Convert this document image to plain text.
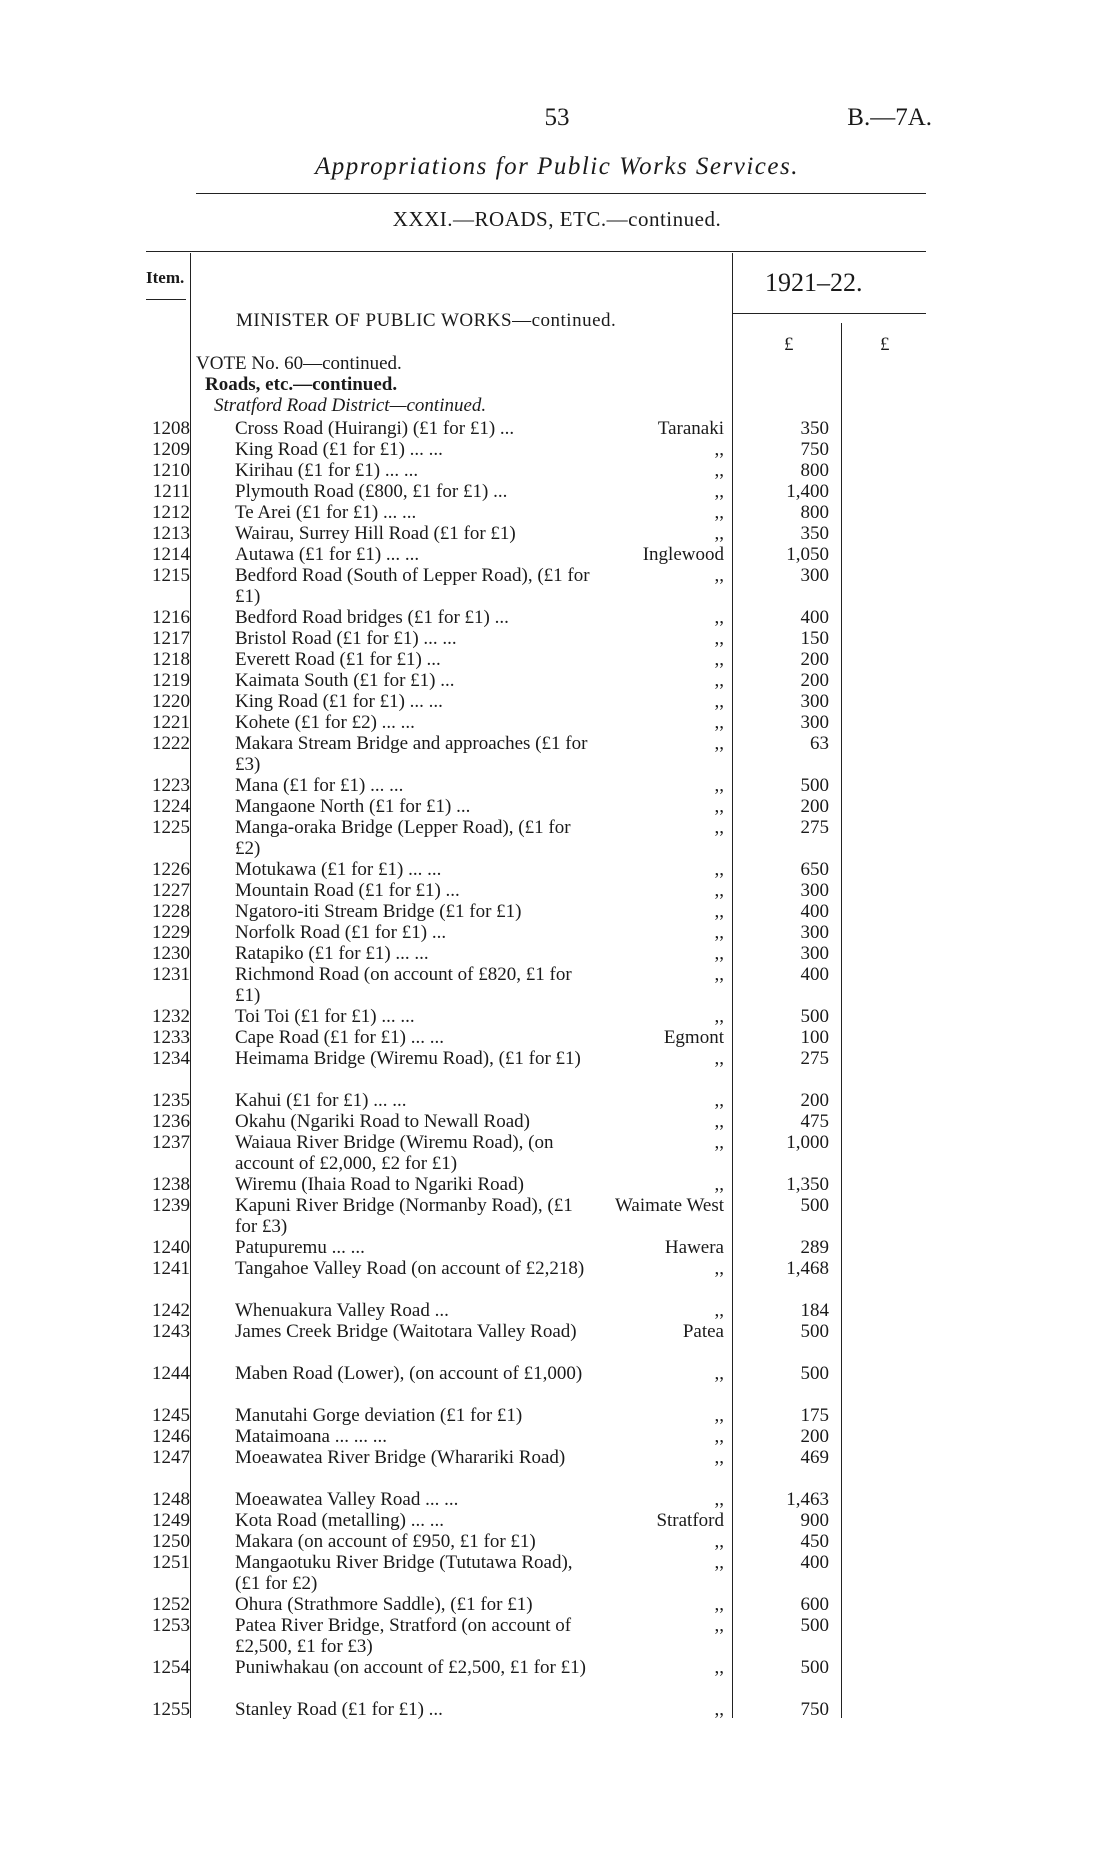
53	B.—7A.
Appropriations for Public Works Services.
XXXI.—ROADS, ETC.—continued.
Item.	1921–22.
MINISTER OF PUBLIC WORKS—continued.
£	£
VOTE No. 60—continued.
Roads, etc.—continued.
Stratford Road District—continued.
1208 Cross Road (Huirangi) (£1 for £1) ...	Taranaki	350
1209 King Road (£1 for £1) ... ...	,,	750
1210 Kirihau (£1 for £1) ... ...	,,	800
1211 Plymouth Road (£800, £1 for £1) ...	,,	1,400
1212 Te Arei (£1 for £1) ... ...	,,	800
1213 Wairau, Surrey Hill Road (£1 for £1)	,,	350
1214 Autawa (£1 for £1) ... ...	Inglewood	1,050
1215 Bedford Road (South of Lepper Road), (£1 for £1)
,,	300
1216 Bedford Road bridges (£1 for £1) ...	,,	400
1217 Bristol Road (£1 for £1) ... ...	,,	150
1218 Everett Road (£1 for £1) ...	,,	200
1219 Kaimata South (£1 for £1) ...	,,	200
1220 King Road (£1 for £1) ... ...	,,	300
1221 Kohete (£1 for £2) ... ...	,,	300
1222 Makara Stream Bridge and approaches (£1 for £3)
,,	63
1223 Mana (£1 for £1) ... ...	,,	500
1224 Mangaone North (£1 for £1) ...	,,	200
1225 Manga-oraka Bridge (Lepper Road), (£1 for £2)
,,	275
1226 Motukawa (£1 for £1) ... ...	,,	650
1227 Mountain Road (£1 for £1) ...	,,	300
1228 Ngatoro-iti Stream Bridge (£1 for £1)	,,	400
1229 Norfolk Road (£1 for £1) ...	,,	300
1230 Ratapiko (£1 for £1) ... ...	,,	300
1231 Richmond Road (on account of £820, £1 for £1)
,,	400
1232 Toi Toi (£1 for £1) ... ...	,,	500
1233 Cape Road (£1 for £1) ... ...	Egmont	100
1234 Heimama Bridge (Wiremu Road), (£1 for £1)	,,	275
1235 Kahui (£1 for £1) ... ...	,,	200
1236 Okahu (Ngariki Road to Newall Road)	,,	475
1237 Waiaua River Bridge (Wiremu Road), (on account of £2,000, £2 for £1)
,,	1,000
1238 Wiremu (Ihaia Road to Ngariki Road)	,,	1,350
1239 Kapuni River Bridge (Normanby Road), (£1 for £3)
Waimate West	500
1240 Patupuremu ... ...	Hawera	289
1241 Tangahoe Valley Road (on account of £2,218)	,,	1,468
1242 Whenuakura Valley Road ...	,,	184
1243 James Creek Bridge (Waitotara Valley Road)	Patea	500
1244 Maben Road (Lower), (on account of £1,000)	,,	500
1245 Manutahi Gorge deviation (£1 for £1)	,,	175
1246 Mataimoana ... ... ...	,,	200
1247 Moeawatea River Bridge (Wharariki Road)	,,	469
1248 Moeawatea Valley Road ... ...	,,	1,463
1249 Kota Road (metalling) ... ...	Stratford	900
1250 Makara (on account of £950, £1 for £1)	,,	450
1251 Mangaotuku River Bridge (Tututawa Road), (£1 for £2)
,,	400
1252 Ohura (Strathmore Saddle), (£1 for £1)	,,	600
1253 Patea River Bridge, Stratford (on account of £2,500, £1 for £3)
,,	500
1254 Puniwhakau (on account of £2,500, £1 for £1)	,,	500
1255 Stanley Road (£1 for £1) ...	,,	750
